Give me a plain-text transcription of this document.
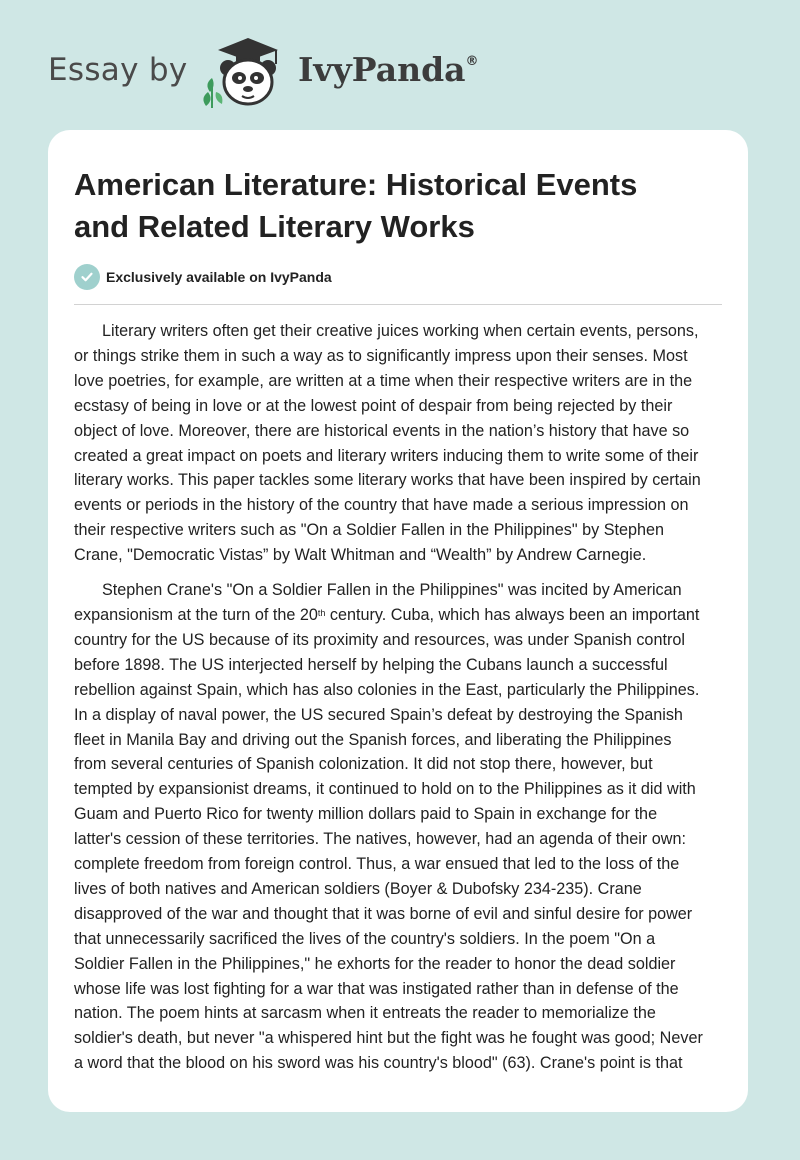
Essay by	IvyPanda®
American Literature: Historical Events
and Related Literary Works
Exclusively available on IvyPanda

Literary writers often get their creative juices working when certain events, persons,
or things strike them in such a way as to significantly impress upon their senses. Most
love poetries, for example, are written at a time when their respective writers are in the
ecstasy of being in love or at the lowest point of despair from being rejected by their
object of love. Moreover, there are historical events in the nation’s history that have so
created a great impact on poets and literary writers inducing them to write some of their
literary works. This paper tackles some literary works that have been inspired by certain
events or periods in the history of the country that have made a serious impression on
their respective writers such as "On a Soldier Fallen in the Philippines" by Stephen
Crane, "Democratic Vistas” by Walt Whitman and “Wealth” by Andrew Carnegie.

Stephen Crane's "On a Soldier Fallen in the Philippines" was incited by American
expansionism at the turn of the 20th century. Cuba, which has always been an important
country for the US because of its proximity and resources, was under Spanish control
before 1898. The US interjected herself by helping the Cubans launch a successful
rebellion against Spain, which has also colonies in the East, particularly the Philippines.
In a display of naval power, the US secured Spain’s defeat by destroying the Spanish
fleet in Manila Bay and driving out the Spanish forces, and liberating the Philippines
from several centuries of Spanish colonization. It did not stop there, however, but
tempted by expansionist dreams, it continued to hold on to the Philippines as it did with
Guam and Puerto Rico for twenty million dollars paid to Spain in exchange for the
latter's cession of these territories. The natives, however, had an agenda of their own:
complete freedom from foreign control. Thus, a war ensued that led to the loss of the
lives of both natives and American soldiers (Boyer & Dubofsky 234-235). Crane
disapproved of the war and thought that it was borne of evil and sinful desire for power
that unnecessarily sacrificed the lives of the country's soldiers. In the poem "On a
Soldier Fallen in the Philippines," he exhorts for the reader to honor the dead soldier
whose life was lost fighting for a war that was instigated rather than in defense of the
nation. The poem hints at sarcasm when it entreats the reader to memorialize the
soldier's death, but never "a whispered hint but the fight was he fought was good; Never
a word that the blood on his sword was his country's blood" (63). Crane's point is that
